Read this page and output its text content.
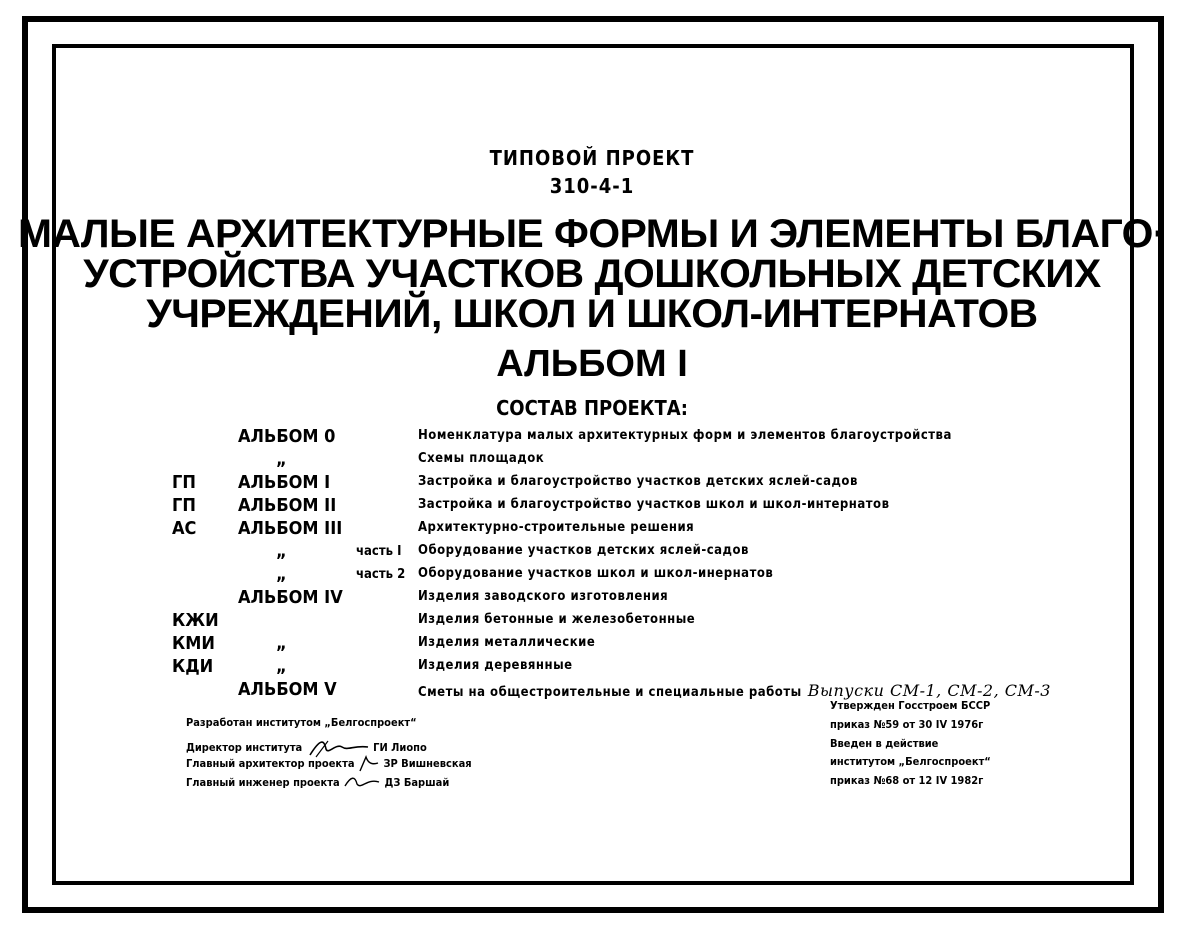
ТИПОВОЙ ПРОЕКТ
310-4-1
МАЛЫЕ АРХИТЕКТУРНЫЕ ФОРМЫ И ЭЛЕМЕНТЫ БЛАГО·
УСТРОЙСТВА УЧАСТКОВ ДОШКОЛЬНЫХ ДЕТСКИХ
УЧРЕЖДЕНИЙ, ШКОЛ И ШКОЛ-ИНТЕРНАТОВ
АЛЬБОМ I
СОСТАВ ПРОЕКТА:
АЛЬБОМ 0	Номенклатура малых архитектурных форм и элементов благоустройства
„	Схемы площадок
ГП АЛЬБОМ I	Застройка и благоустройство участков детских яслей-садов
ГП АЛЬБОМ II	Застройка и благоустройство участков школ и школ-интернатов
АС АЛЬБОМ III	Архитектурно-строительные решения
„	часть I Оборудование участков детских яслей-садов
„	часть 2 Оборудование участков школ и школ-инернатов
АЛЬБОМ IV	Изделия заводского изготовления
КЖИ	Изделия бетонные и железобетонные
КМИ	„	Изделия металлические
КДИ	„	Изделия деревянные
АЛЬБОМ V	Сметы на общестроительные и специальные работы Выпуски СМ-1, СМ-2, СМ-3
Разработан институтом „Белгоспроект“
Директор института	ГИ Лиопо
Главный архитектор проекта	ЗР Вишневская
Главный инженер проекта	ДЗ Баршай
Утвержден Госстроем БССР
приказ №59 от 30 IV 1976г
Введен в действие
институтом „Белгоспроект“
приказ №68 от 12 IV 1982г
